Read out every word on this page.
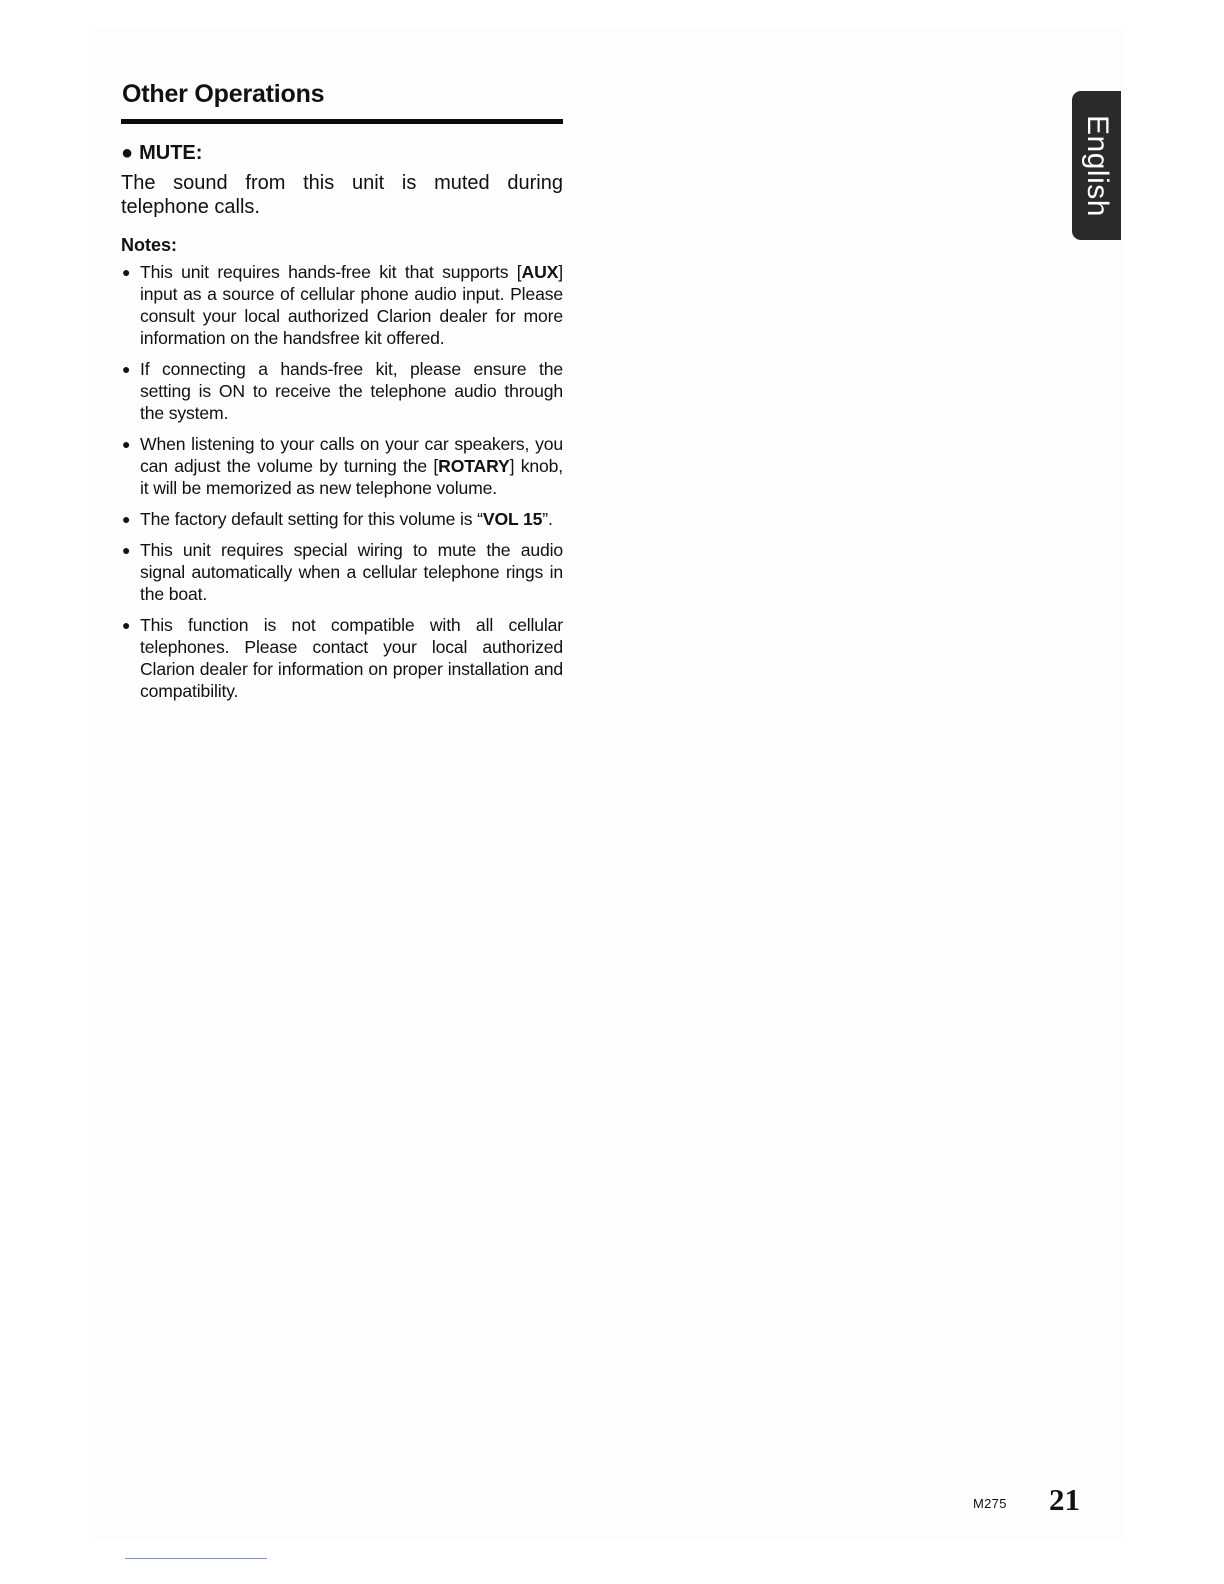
Other Operations

● MUTE:

The sound from this unit is muted during telephone calls.

Notes:

● This unit requires hands-free kit that supports [AUX] input as a source of cellular phone audio input. Please consult your local authorized Clarion dealer for more information on the handsfree kit offered.
● If connecting a hands-free kit, please ensure the setting is ON to receive the telephone audio through the system.
● When listening to your calls on your car speakers, you can adjust the volume by turning the [ROTARY] knob, it will be memorized as new telephone volume.
● The factory default setting for this volume is “VOL 15”.
● This unit requires special wiring to mute the audio signal automatically when a cellular telephone rings in the boat.
● This function is not compatible with all cellular telephones. Please contact your local authorized Clarion dealer for information on proper installation and compatibility.
English
M275 21
